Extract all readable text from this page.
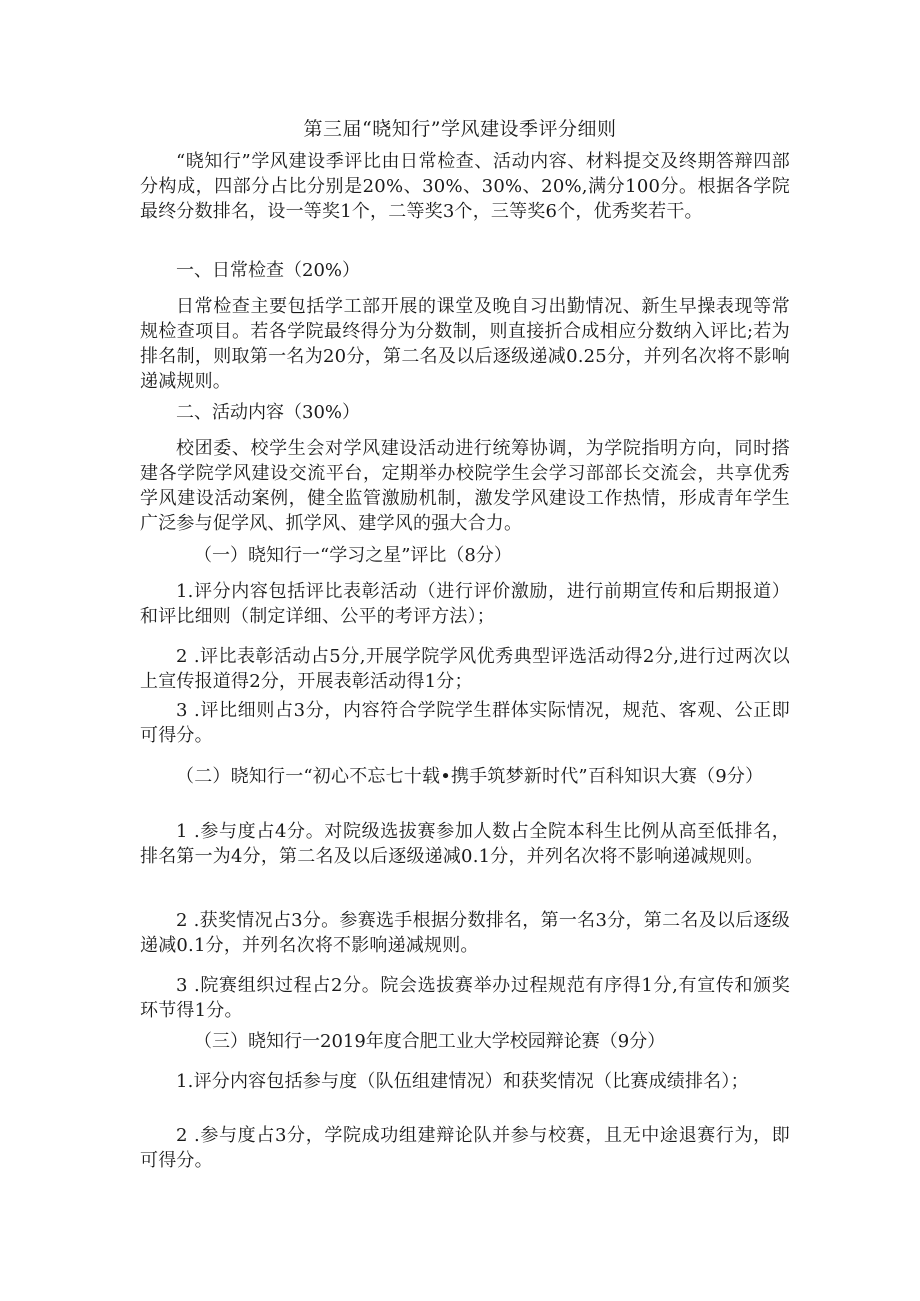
第三届“晓知行”学风建设季评分细则

“晓知行”学风建设季评比由日常检查、活动内容、材料提交及终期答辩四部分构成，四部分占比分别是20%、30%、30%、20%,满分100分。根据各学院最终分数排名，设一等奖1个，二等奖3个，三等奖6个，优秀奖若干。

一、日常检查（20%）

日常检查主要包括学工部开展的课堂及晚自习出勤情况、新生早操表现等常规检查项目。若各学院最终得分为分数制，则直接折合成相应分数纳入评比;若为排名制，则取第一名为20分，第二名及以后逐级递减0.25分，并列名次将不影响递减规则。

二、活动内容（30%）

校团委、校学生会对学风建设活动进行统筹协调，为学院指明方向，同时搭建各学院学风建设交流平台，定期举办校院学生会学习部部长交流会，共享优秀学风建设活动案例，健全监管激励机制，激发学风建设工作热情，形成青年学生广泛参与促学风、抓学风、建学风的强大合力。

（一）晓知行一“学习之星”评比（8分）

1.评分内容包括评比表彰活动（进行评价激励，进行前期宣传和后期报道）和评比细则（制定详细、公平的考评方法）；

2 .评比表彰活动占5分,开展学院学风优秀典型评选活动得2分,进行过两次以上宣传报道得2分，开展表彰活动得1分；

3 .评比细则占3分，内容符合学院学生群体实际情况，规范、客观、公正即可得分。

（二）晓知行一“初心不忘七十载•携手筑梦新时代”百科知识大赛（9分）

1 .参与度占4分。对院级选拔赛参加人数占全院本科生比例从高至低排名，排名第一为4分，第二名及以后逐级递减0.1分，并列名次将不影响递减规则。

2 .获奖情况占3分。参赛选手根据分数排名，第一名3分，第二名及以后逐级递减0.1分，并列名次将不影响递减规则。

3 .院赛组织过程占2分。院会选拔赛举办过程规范有序得1分,有宣传和颁奖环节得1分。

（三）晓知行一2019年度合肥工业大学校园辩论赛（9分）

1.评分内容包括参与度（队伍组建情况）和获奖情况（比赛成绩排名）；

2 .参与度占3分，学院成功组建辩论队并参与校赛，且无中途退赛行为，即可得分。
